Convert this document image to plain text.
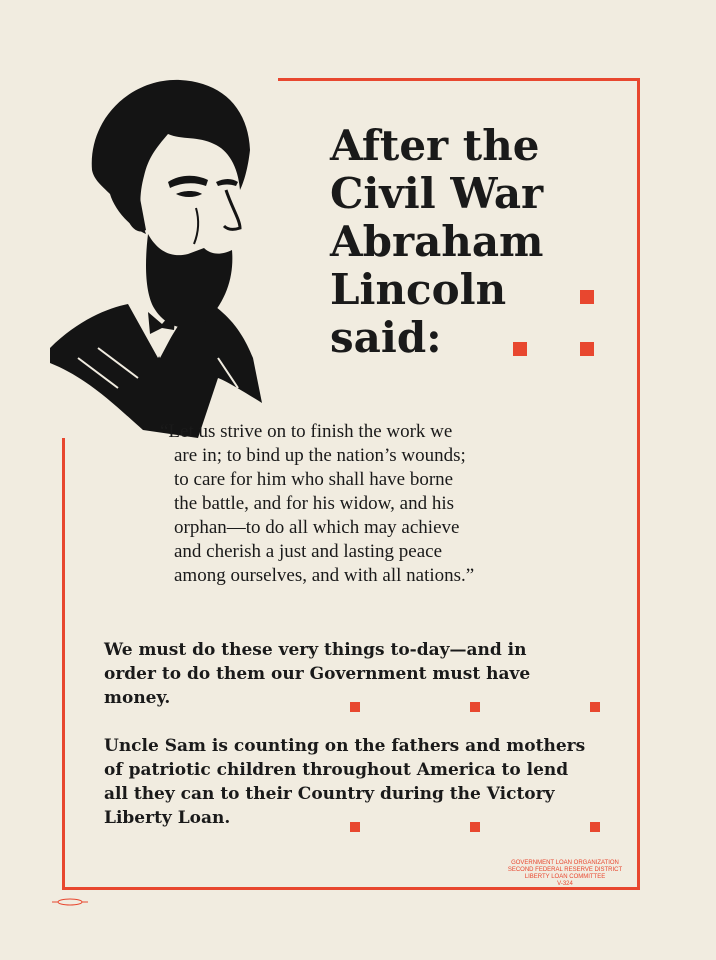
After the
Civil War
Abraham
Lincoln
said:
“Let us strive on to finish the work we
are in; to bind up the nation’s wounds;
to care for him who shall have borne
the battle, and for his widow, and his
orphan—to do all which may achieve
and cherish a just and lasting peace
among ourselves, and with all nations.”
We must do these very things to-day—and in
order to do them our Government must have
money.
Uncle Sam is counting on the fathers and mothers
of patriotic children throughout America to lend
all they can to their Country during the Victory
Liberty Loan.
GOVERNMENT LOAN ORGANIZATION
SECOND FEDERAL RESERVE DISTRICT
LIBERTY LOAN COMMITTEE
V-324
